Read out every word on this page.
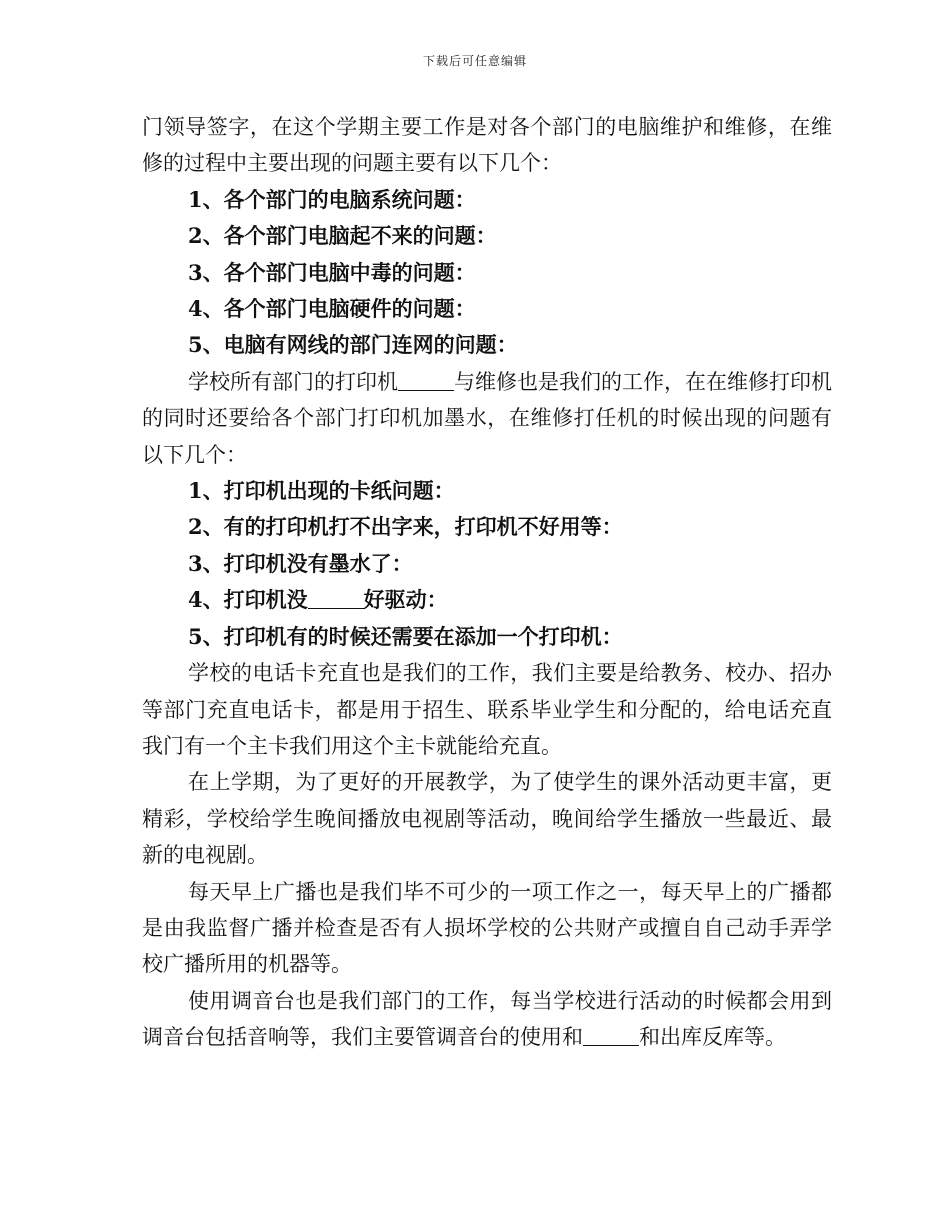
下载后可任意编辑

门领导签字，在这个学期主要工作是对各个部门的电脑维护和维修，在维修的过程中主要出现的问题主要有以下几个：

1、各个部门的电脑系统问题：

2、各个部门电脑起不来的问题：

3、各个部门电脑中毒的问题：

4、各个部门电脑硬件的问题：

5、电脑有网线的部门连网的问题：

学校所有部门的打印机	与维修也是我们的工作，在在维修打印机的同时还要给各个部门打印机加墨水，在维修打任机的时候出现的问题有以下几个：

1、打印机出现的卡纸问题：

2、有的打印机打不出字来，打印机不好用等：

3、打印机没有墨水了：

4、打印机没	好驱动：

5、打印机有的时候还需要在添加一个打印机：

学校的电话卡充直也是我们的工作，我们主要是给教务、校办、招办等部门充直电话卡，都是用于招生、联系毕业学生和分配的，给电话充直我门有一个主卡我们用这个主卡就能给充直。

在上学期，为了更好的开展教学，为了使学生的课外活动更丰富，更精彩，学校给学生晚间播放电视剧等活动，晚间给学生播放一些最近、最新的电视剧。

每天早上广播也是我们毕不可少的一项工作之一，每天早上的广播都是由我监督广播并检查是否有人损坏学校的公共财产或擅自自己动手弄学校广播所用的机器等。

使用调音台也是我们部门的工作，每当学校进行活动的时候都会用到调音台包括音响等，我们主要管调音台的使用和	和出库反库等。
